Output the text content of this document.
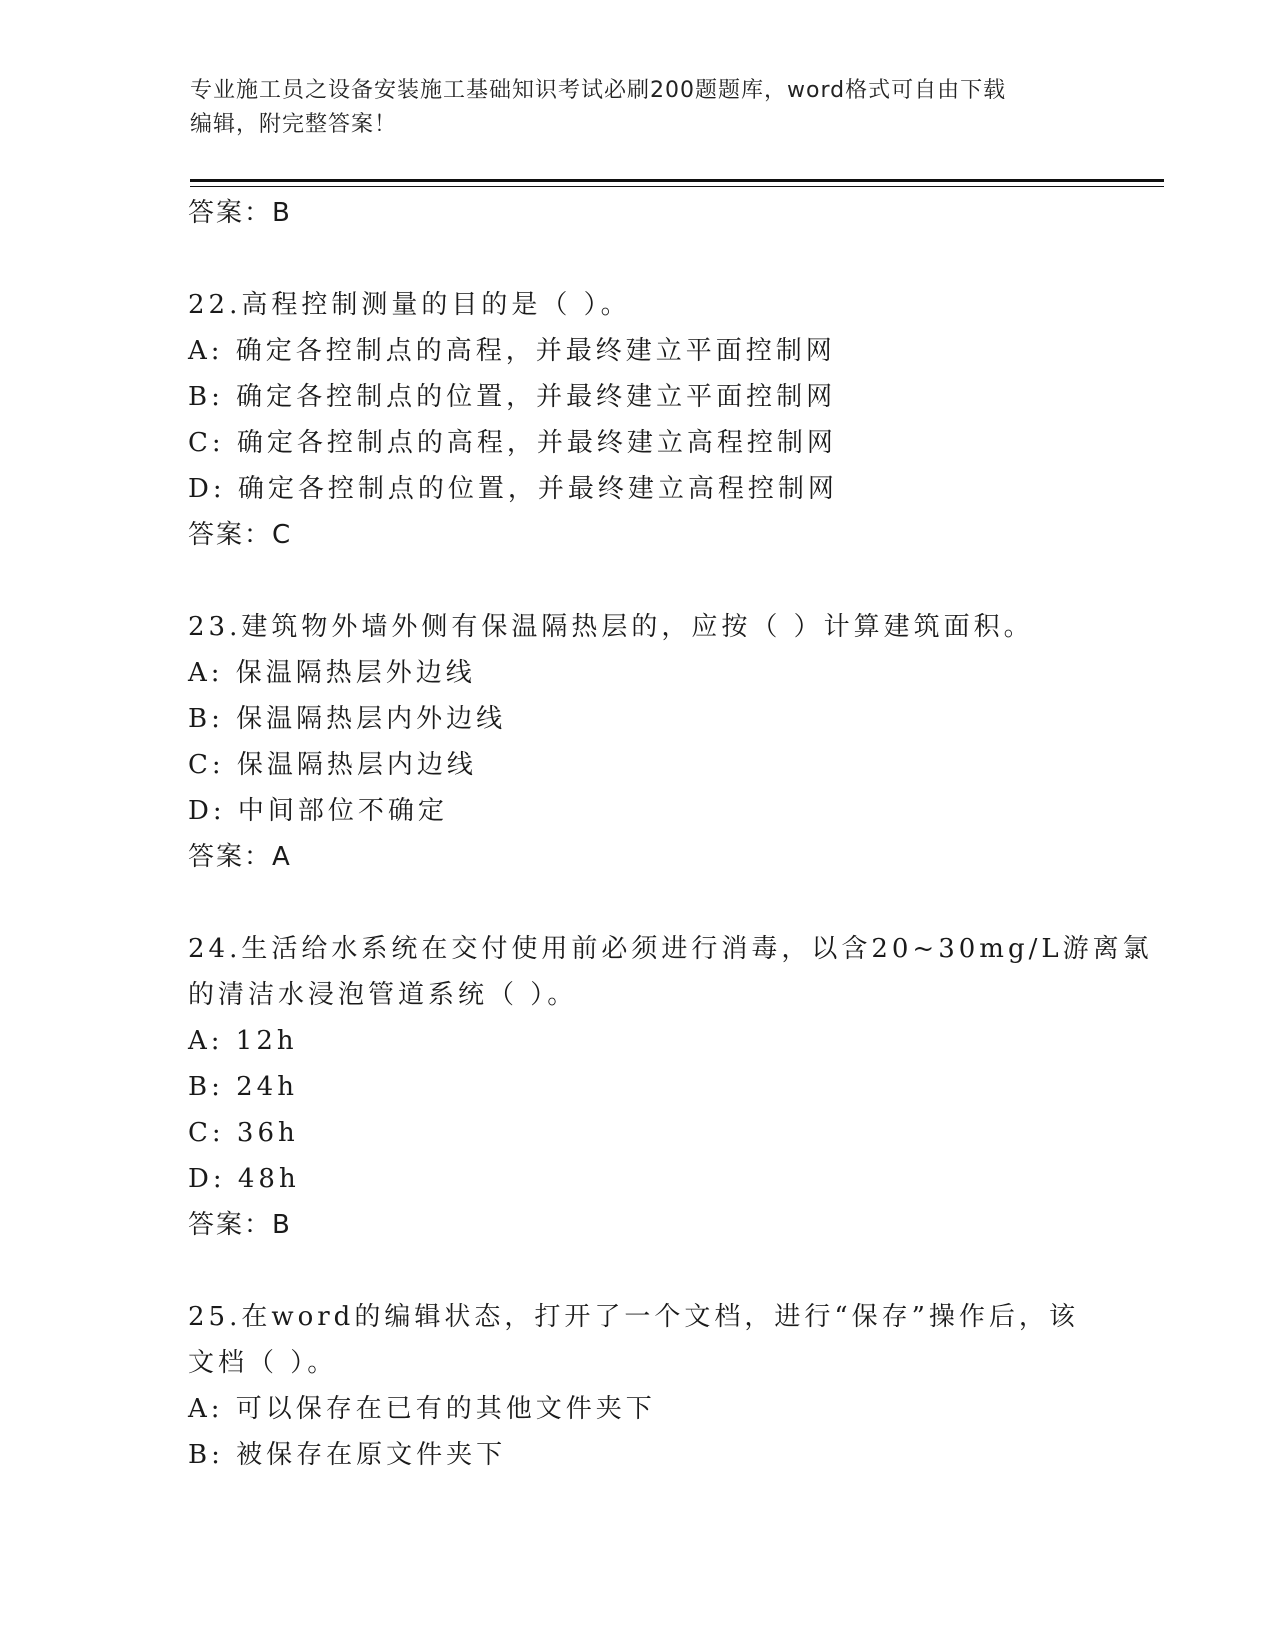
专业施工员之设备安装施工基础知识考试必刷200题题库，word格式可自由下载
编辑，附完整答案！
答案：B
22.高程控制测量的目的是（ ）。
A: 确定各控制点的高程，并最终建立平面控制网
B: 确定各控制点的位置，并最终建立平面控制网
C: 确定各控制点的高程，并最终建立高程控制网
D: 确定各控制点的位置，并最终建立高程控制网
答案：C
23.建筑物外墙外侧有保温隔热层的，应按（ ）计算建筑面积。
A: 保温隔热层外边线
B: 保温隔热层内外边线
C: 保温隔热层内边线
D: 中间部位不确定
答案：A
24.生活给水系统在交付使用前必须进行消毒，以含20~30mg/L游离氯
的清洁水浸泡管道系统（ ）。
A: 12h
B: 24h
C: 36h
D: 48h
答案：B
25.在word的编辑状态，打开了一个文档，进行“保存”操作后，该
文档（ ）。
A: 可以保存在已有的其他文件夹下
B: 被保存在原文件夹下
